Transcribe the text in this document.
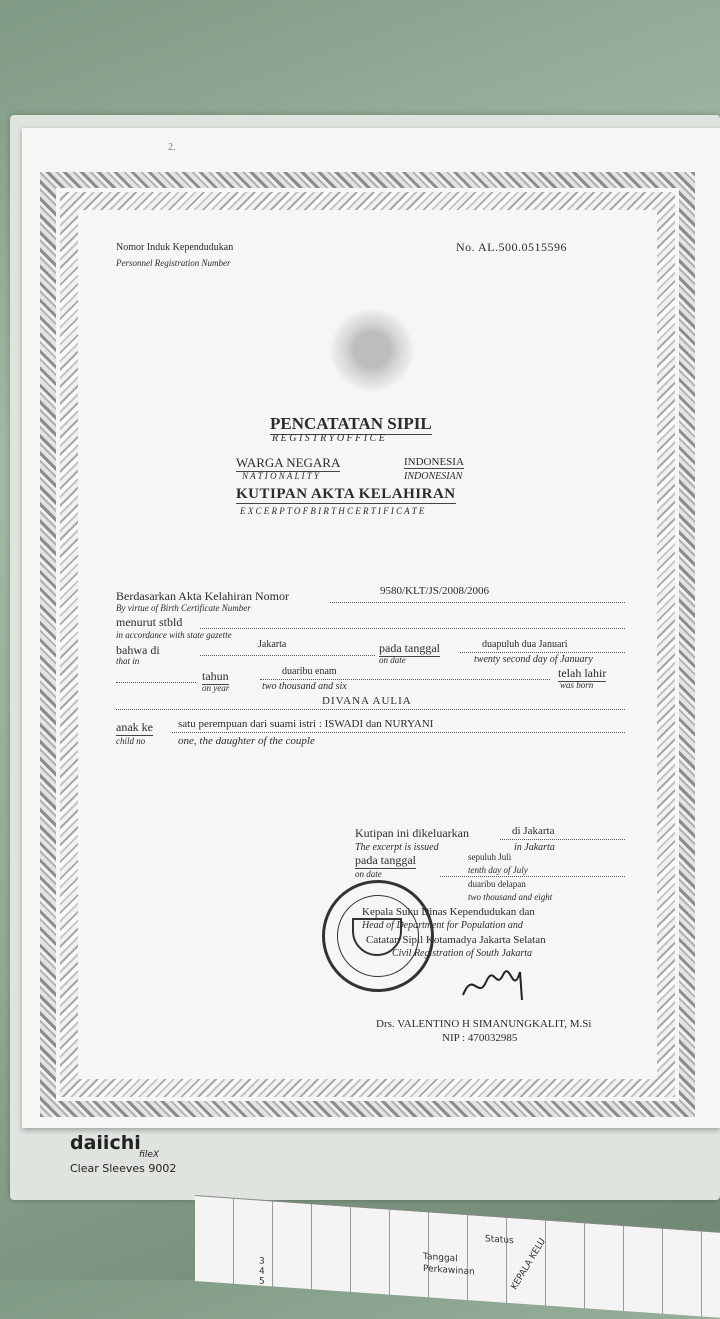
2.
Nomor Induk Kependudukan
Personnel Registration Number
No. AL.500.0515596
PENCATATAN SIPIL
R E G I S T R Y O F F I C E
WARGA NEGARA
N A T I O N A L I T Y
INDONESIA
INDONESIAN
KUTIPAN AKTA KELAHIRAN
E X C E R P T O F B I R T H C E R T I F I C A T E
Berdasarkan Akta Kelahiran Nomor	9580/KLT/JS/2008/2006
By virtue of Birth Certificate Number
menurut stbld
in accordance with state gazette
bahwa di	Jakarta
that in
pada tanggal
on date
duapuluh dua Januari
twenty second day of January
tahun
on year
duaribu enam
two thousand and six
telah lahir
was born
DIVANA AULIA
anak ke
child no
satu perempuan dari suami istri : ISWADI dan NURYANI
one, the daughter of the couple
Kutipan ini dikeluarkan	di Jakarta
The excerpt is issued	in Jakarta
pada tanggal
on date
sepuluh Juli
tenth day of July
duaribu delapan
two thousand and eight
Kepala Suku Dinas Kependudukan dan
Head of Department for Population and
Catatan Sipil Kotamadya Jakarta Selatan
Civil Registration of South Jakarta
Drs. VALENTINO H SIMANUNGKALIT, M.Si
NIP : 470032985
daiichi
fileX
Clear Sleeves 9002
3
4
5
Tanggal
Perkawinan	KEPALA KELU
Status
